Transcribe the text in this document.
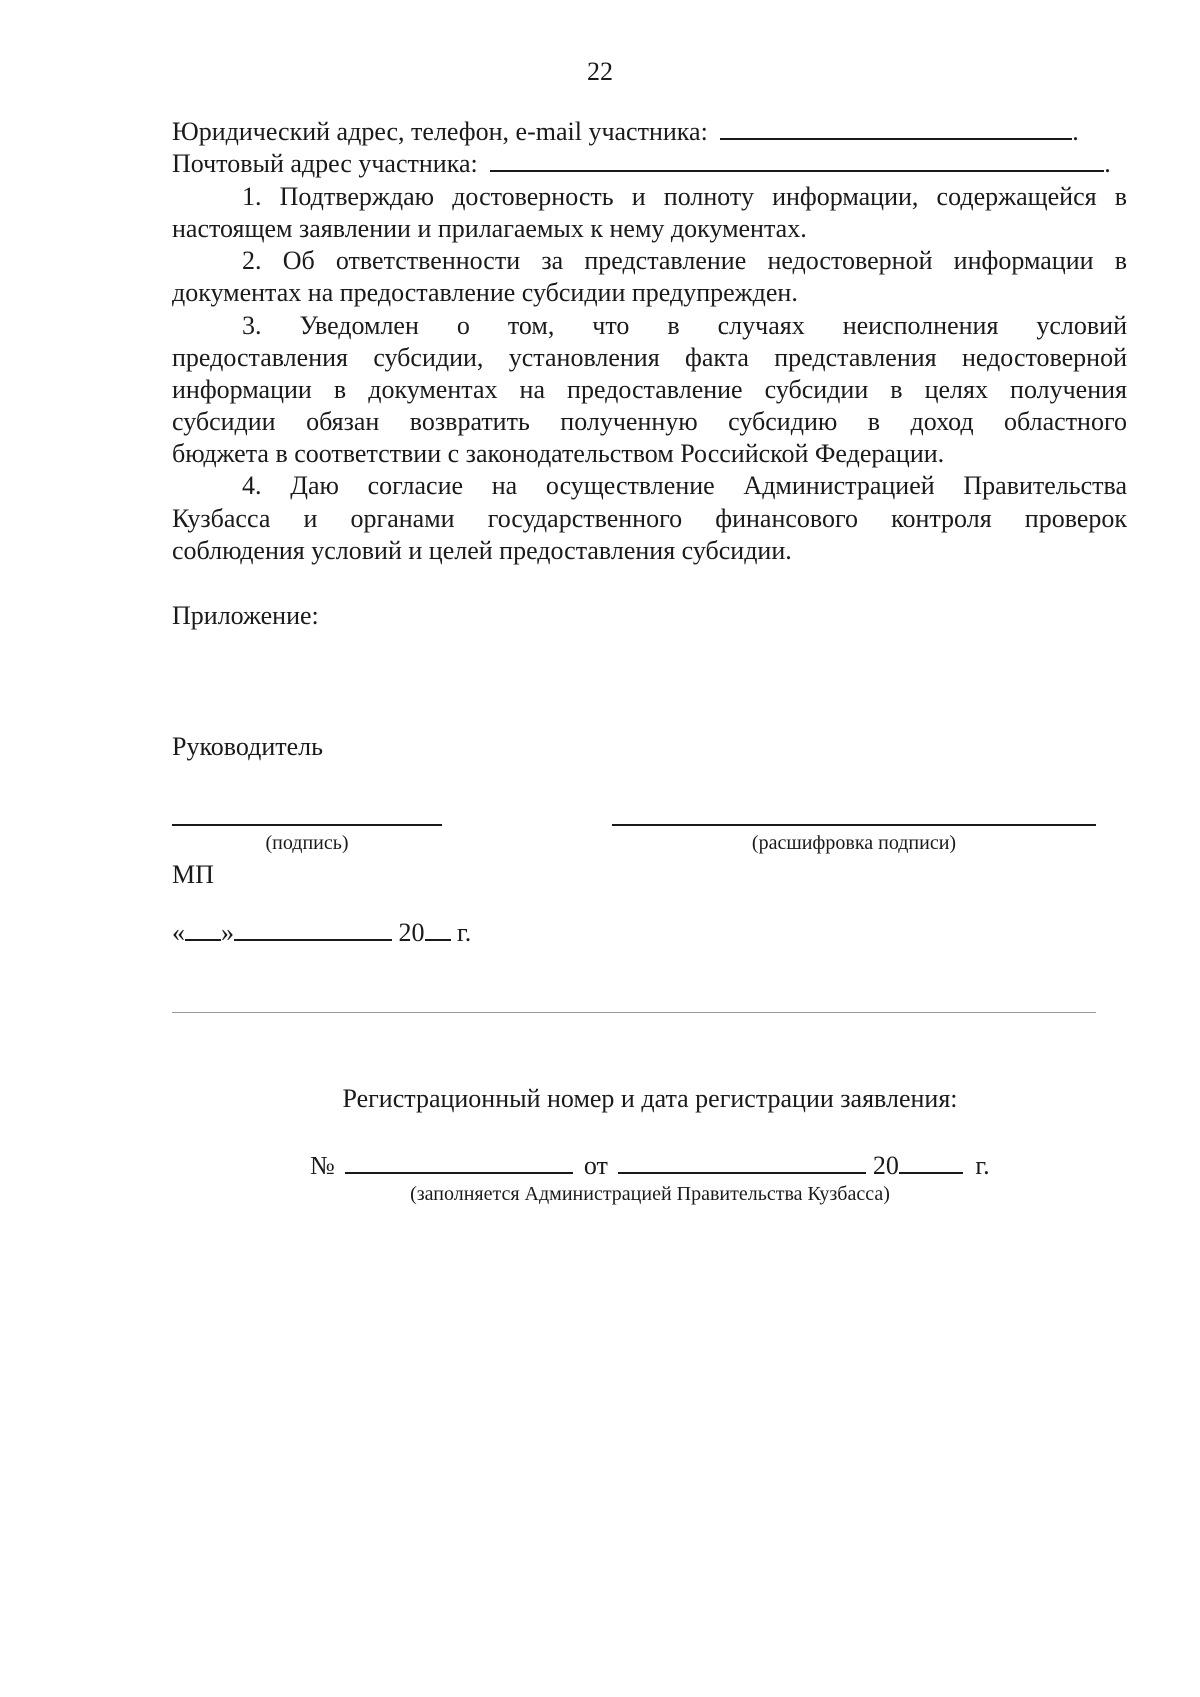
22
Юридический адрес, телефон, e-mail участника:	.
Почтовый адрес участника:	.
1. Подтверждаю достоверность и полноту информации, содержащейся в
настоящем заявлении и прилагаемых к нему документах.
2. Об ответственности за представление недостоверной информации в
документах на предоставление субсидии предупрежден.
3. Уведомлен о том, что в случаях неисполнения условий
предоставления субсидии, установления факта представления недостоверной
информации в документах на предоставление субсидии в целях получения
субсидии обязан возвратить полученную субсидию в доход областного
бюджета в соответствии с законодательством Российской Федерации.
4. Даю согласие на осуществление Администрацией Правительства
Кузбасса и органами государственного финансового контроля проверок
соблюдения условий и целей предоставления субсидии.
Приложение:
Руководитель
(подпись)	(расшифровка подписи)
МП
« »	20 г.
Регистрационный номер и дата регистрации заявления:
№	от	20	г.
(заполняется Администрацией Правительства Кузбасса)
